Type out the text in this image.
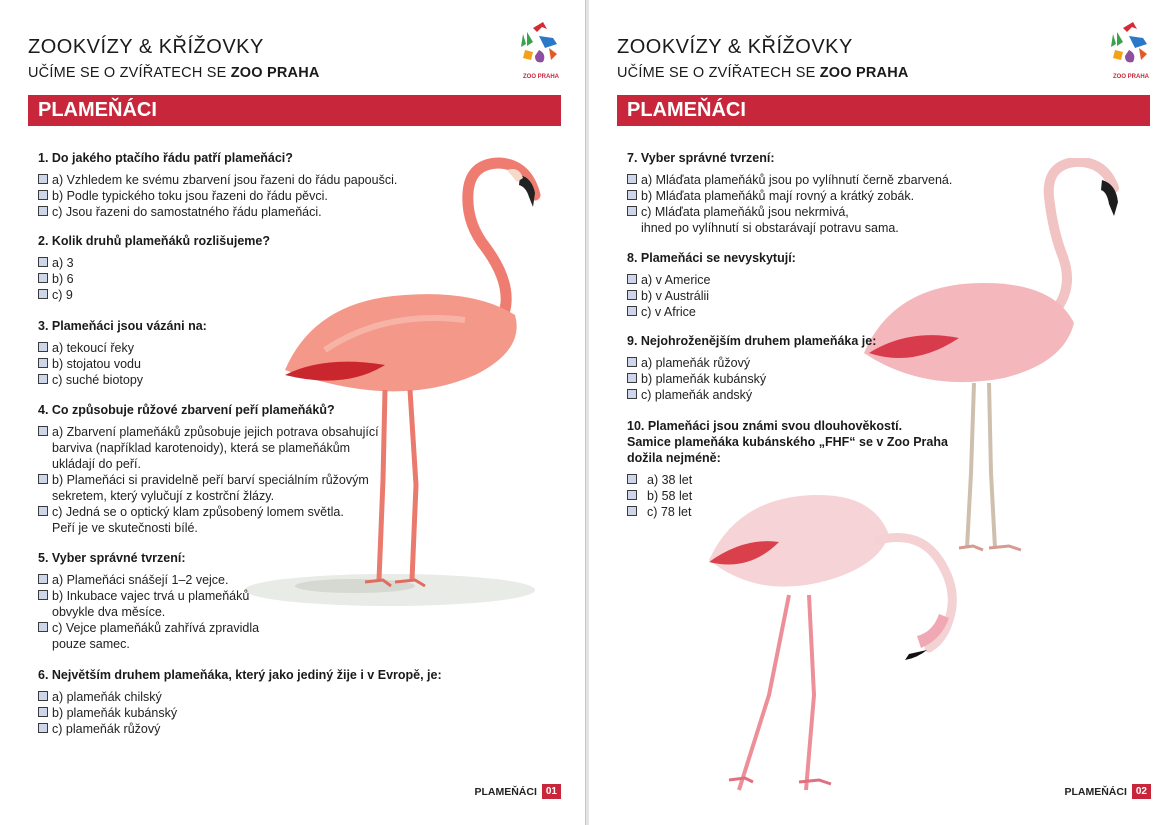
ZOOKVÍZY & KŘÍŽOVKY
UČÍME SE O ZVÍŘATECH SE ZOO PRAHA	ZOO PRAHA
PLAMEŇÁCI
1. Do jakého ptačího řádu patří plameňáci?
a) Vzhledem ke svému zbarvení jsou řazeni do řádu papoušci.
b) Podle typického toku jsou řazeni do řádu pěvci.
c) Jsou řazeni do samostatného řádu plameňáci.
2. Kolik druhů plameňáků rozlišujeme?
a) 3
b) 6
c) 9
3. Plameňáci jsou vázáni na:
a) tekoucí řeky
b) stojatou vodu
c) suché biotopy
4. Co způsobuje růžové zbarvení peří plameňáků?
a) Zbarvení plameňáků způsobuje jejich potrava obsahující
barviva (například karotenoidy), která se plameňákům
ukládají do peří.
b) Plameňáci si pravidelně peří barví speciálním růžovým
sekretem, který vylučují z kostrční žlázy.
c) Jedná se o optický klam způsobený lomem světla.
Peří je ve skutečnosti bílé.
5. Vyber správné tvrzení:
a) Plameňáci snášejí 1–2 vejce.
b) Inkubace vajec trvá u plameňáků
obvykle dva měsíce.
c) Vejce plameňáků zahřívá zpravidla
pouze samec.
6. Největším druhem plameňáka, který jako jediný žije i v Evropě, je:
a) plameňák chilský
b) plameňák kubánský
c) plameňák růžový
PLAMEŇÁCI 01
ZOOKVÍZY & KŘÍŽOVKY
UČÍME SE O ZVÍŘATECH SE ZOO PRAHA	ZOO PRAHA
PLAMEŇÁCI
7. Vyber správné tvrzení:
a) Mláďata plameňáků jsou po vylíhnutí černě zbarvená.
b) Mláďata plameňáků mají rovný a krátký zobák.
c) Mláďata plameňáků jsou nekrmivá,
ihned po vylíhnutí si obstarávají potravu sama.
8. Plameňáci se nevyskytují:
a) v Americe
b) v Austrálii
c) v Africe
9. Nejohroženějším druhem plameňáka je:
a) plameňák růžový
b) plameňák kubánský
c) plameňák andský
10. Plameňáci jsou známi svou dlouhověkostí.
Samice plameňáka kubánského „FHF“ se v Zoo Praha
dožila nejméně:
a) 38 let
b) 58 let
c) 78 let
PLAMEŇÁCI 02
